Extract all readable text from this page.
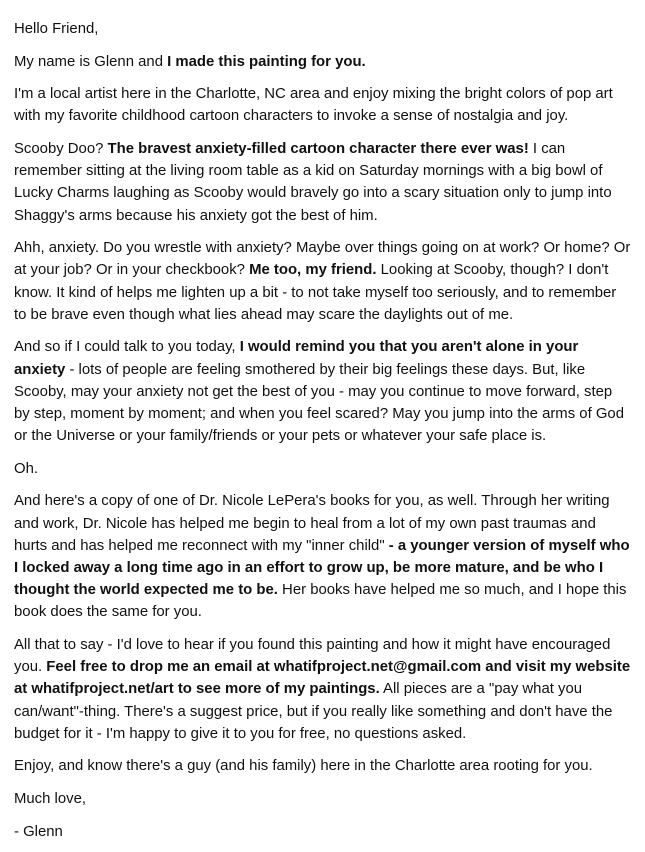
Hello Friend,

My name is Glenn and I made this painting for you.

I'm a local artist here in the Charlotte, NC area and enjoy mixing the bright colors of pop art with my favorite childhood cartoon characters to invoke a sense of nostalgia and joy.

Scooby Doo? The bravest anxiety-filled cartoon character there ever was! I can remember sitting at the living room table as a kid on Saturday mornings with a big bowl of Lucky Charms laughing as Scooby would bravely go into a scary situation only to jump into Shaggy's arms because his anxiety got the best of him.

Ahh, anxiety. Do you wrestle with anxiety? Maybe over things going on at work? Or home? Or at your job? Or in your checkbook? Me too, my friend. Looking at Scooby, though? I don't know. It kind of helps me lighten up a bit - to not take myself too seriously, and to remember to be brave even though what lies ahead may scare the daylights out of me.

And so if I could talk to you today, I would remind you that you aren't alone in your anxiety - lots of people are feeling smothered by their big feelings these days. But, like Scooby, may your anxiety not get the best of you - may you continue to move forward, step by step, moment by moment; and when you feel scared? May you jump into the arms of God or the Universe or your family/friends or your pets or whatever your safe place is.

Oh.

And here's a copy of one of Dr. Nicole LePera's books for you, as well. Through her writing and work, Dr. Nicole has helped me begin to heal from a lot of my own past traumas and hurts and has helped me reconnect with my "inner child" - a younger version of myself who I locked away a long time ago in an effort to grow up, be more mature, and be who I thought the world expected me to be. Her books have helped me so much, and I hope this book does the same for you.

All that to say - I'd love to hear if you found this painting and how it might have encouraged you. Feel free to drop me an email at whatifproject.net@gmail.com and visit my website at whatifproject.net/art to see more of my paintings. All pieces are a "pay what you can/want"-thing. There's a suggest price, but if you really like something and don't have the budget for it - I'm happy to give it to you for free, no questions asked.

Enjoy, and know there's a guy (and his family) here in the Charlotte area rooting for you.

Much love,

- Glenn
